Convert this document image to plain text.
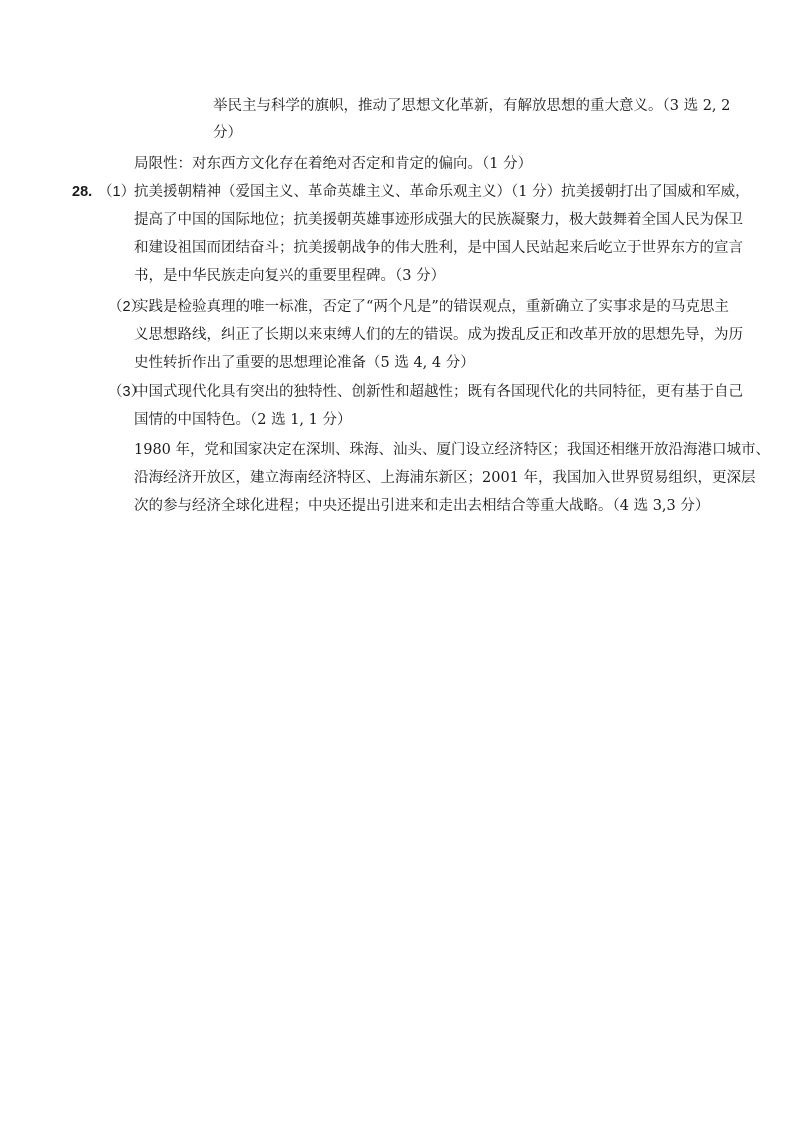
举民主与科学的旗帜，推动了思想文化革新，有解放思想的重大意义。（3 选 2, 2
分）
局限性：对东西方文化存在着绝对否定和肯定的偏向。（1 分）
28. （1）
抗美援朝精神（爱国主义、革命英雄主义、革命乐观主义）（1 分）抗美援朝打出了国威和军威，
提高了中国的国际地位；抗美援朝英雄事迹形成强大的民族凝聚力，极大鼓舞着全国人民为保卫
和建设祖国而团结奋斗；抗美援朝战争的伟大胜利，是中国人民站起来后屹立于世界东方的宣言
书，是中华民族走向复兴的重要里程碑。（3 分）
（2）
实践是检验真理的唯一标准，否定了“两个凡是”的错误观点，重新确立了实事求是的马克思主
义思想路线，纠正了长期以来束缚人们的左的错误。成为拨乱反正和改革开放的思想先导，为历
史性转折作出了重要的思想理论准备（5 选 4, 4 分）
（3）
中国式现代化具有突出的独特性、创新性和超越性；既有各国现代化的共同特征，更有基于自己
国情的中国特色。（2 选 1, 1 分）
1980 年，党和国家决定在深圳、珠海、汕头、厦门设立经济特区；我国还相继开放沿海港口城市、
沿海经济开放区，建立海南经济特区、上海浦东新区；2001 年，我国加入世界贸易组织，更深层
次的参与经济全球化进程；中央还提出引进来和走出去相结合等重大战略。（4 选 3,3 分）
